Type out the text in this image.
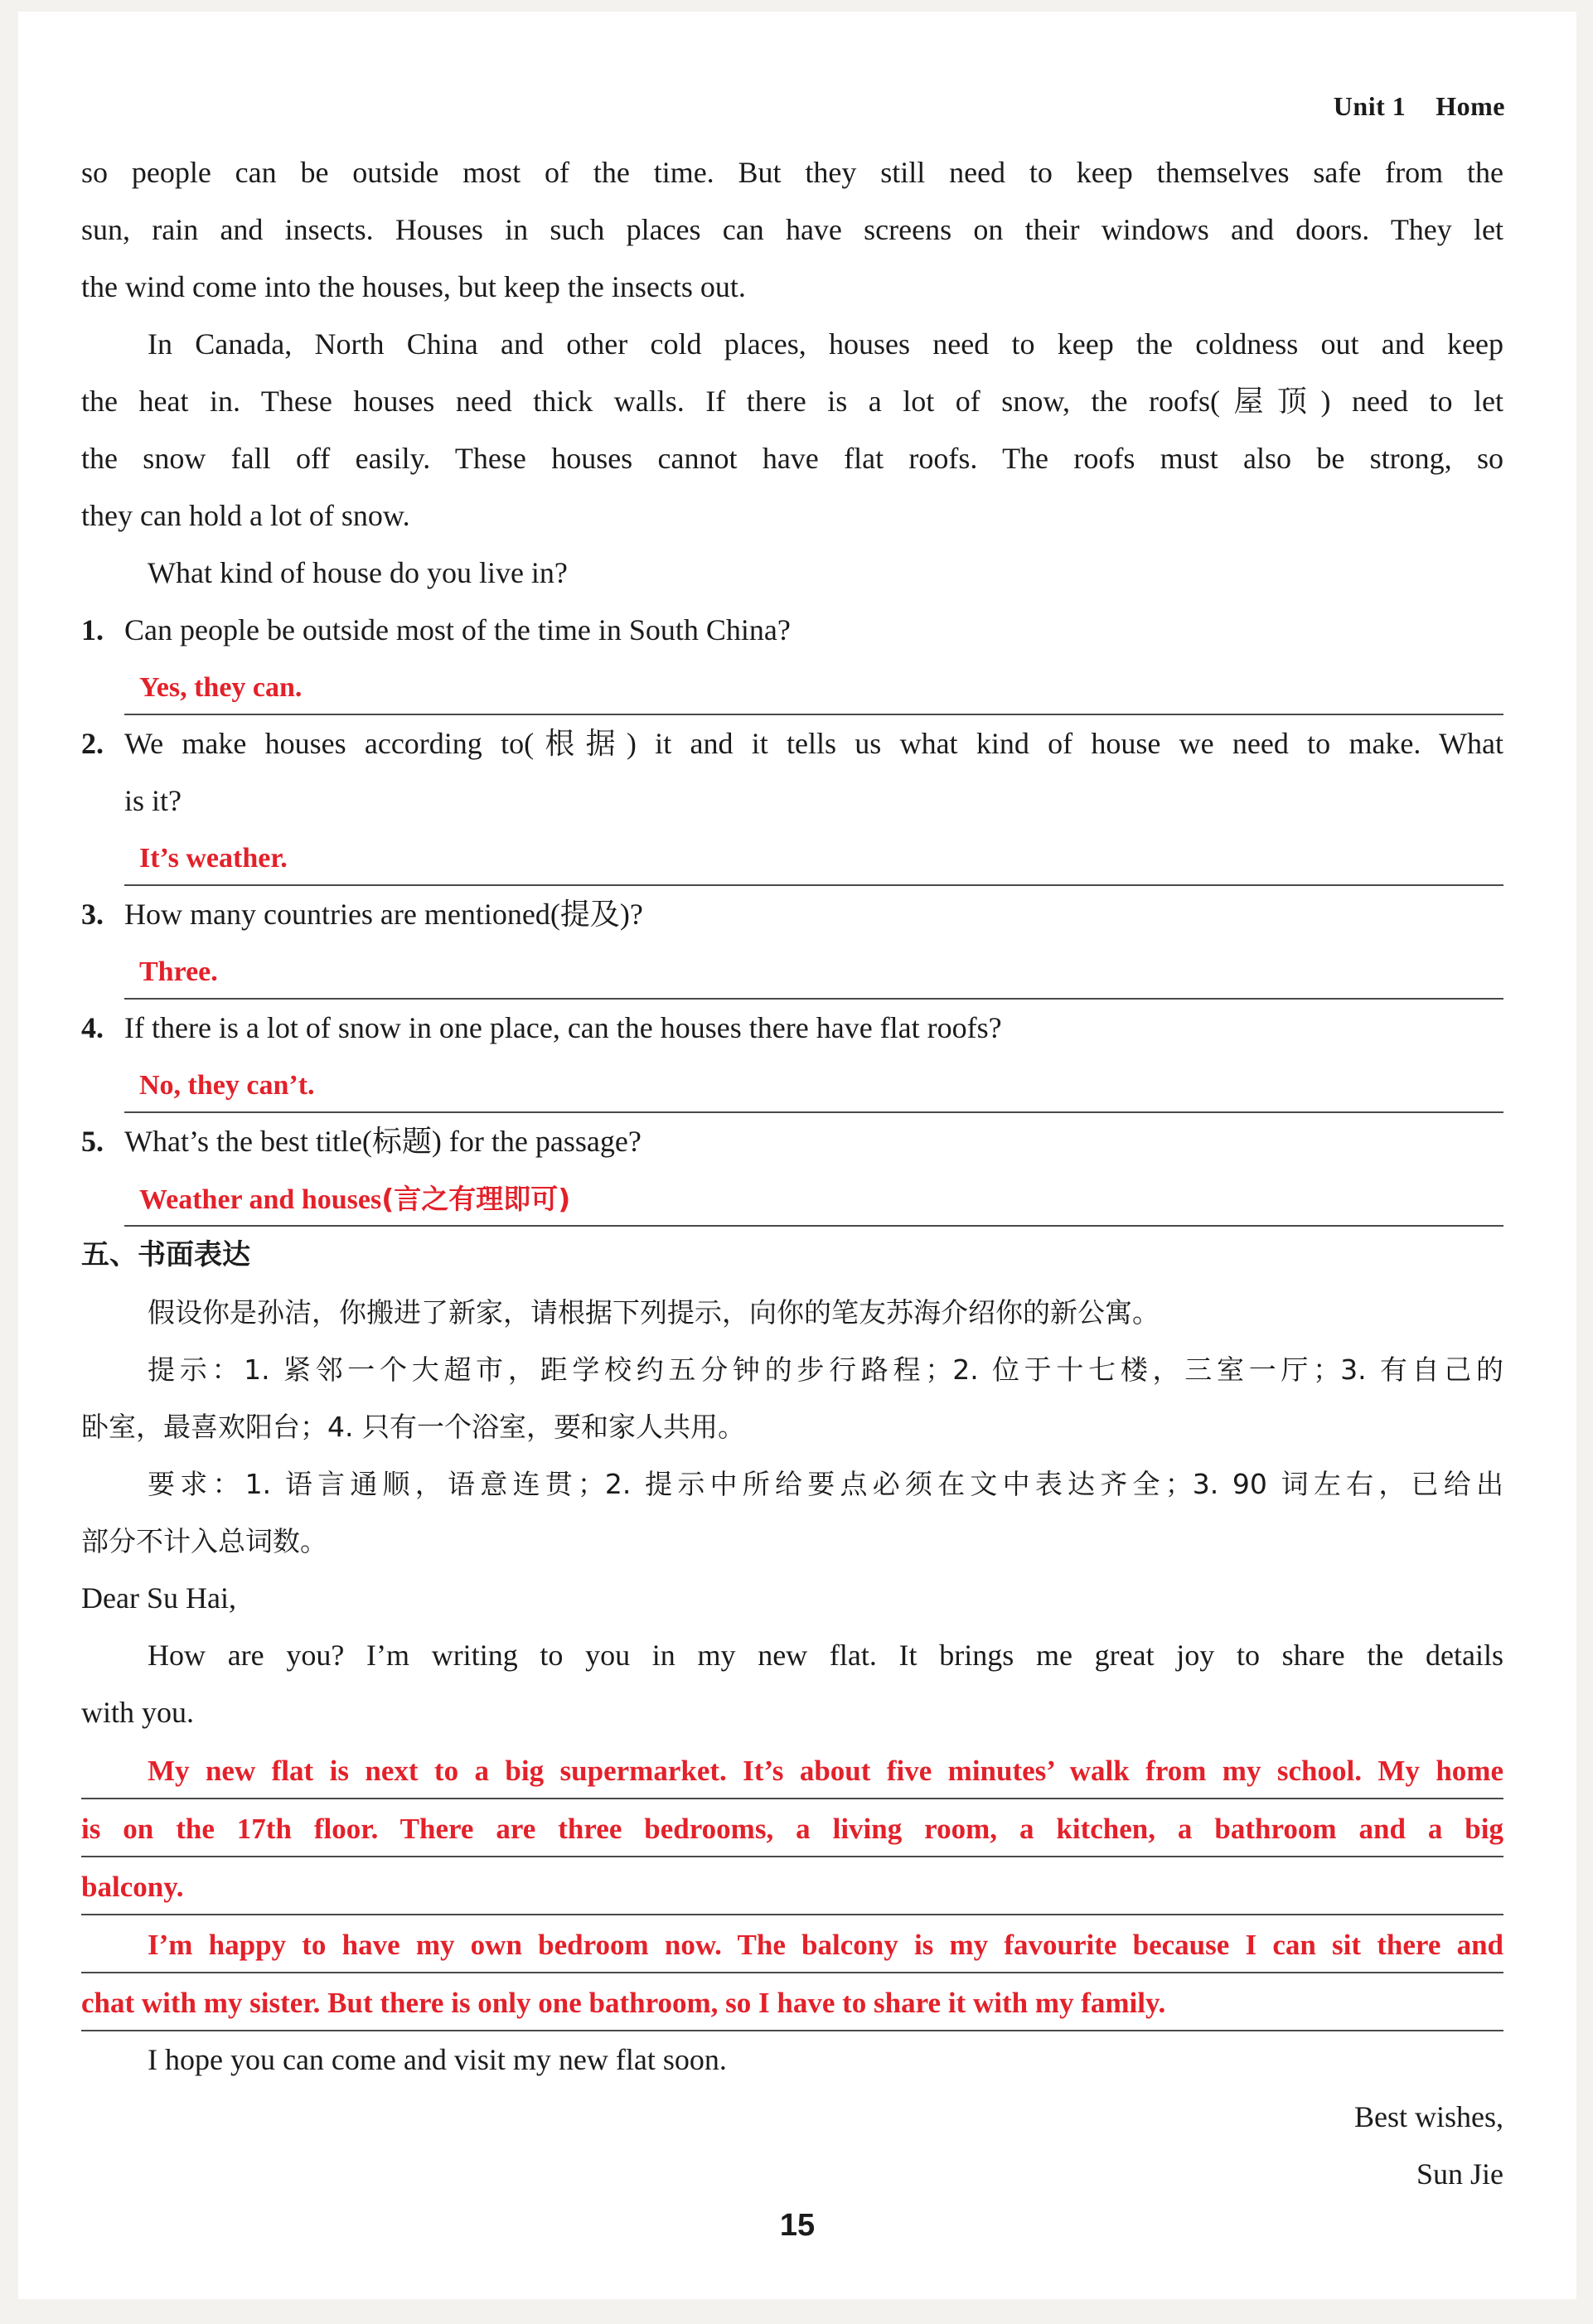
Unit 1 Home
so people can be outside most of the time. But they still need to keep themselves safe from the
sun, rain and insects. Houses in such places can have screens on their windows and doors. They let
the wind come into the houses, but keep the insects out.
In Canada, North China and other cold places, houses need to keep the coldness out and keep
the heat in. These houses need thick walls. If there is a lot of snow, the roofs(屋顶) need to let
the snow fall off easily. These houses cannot have flat roofs. The roofs must also be strong, so
they can hold a lot of snow.
What kind of house do you live in?
1. Can people be outside most of the time in South China?
Yes, they can.
2. We make houses according to(根据) it and it tells us what kind of house we need to make. What
is it?
It’s weather.
3. How many countries are mentioned(提及)?
Three.
4. If there is a lot of snow in one place, can the houses there have flat roofs?
No, they can’t.
5. What’s the best title(标题) for the passage?
Weather and houses(言之有理即可)
五、书面表达
假设你是孙洁，你搬进了新家，请根据下列提示，向你的笔友苏海介绍你的新公寓。
提示：1. 紧邻一个大超市，距学校约五分钟的步行路程；2. 位于十七楼，三室一厅；3. 有自己的
卧室，最喜欢阳台；4. 只有一个浴室，要和家人共用。
要求：1. 语言通顺，语意连贯；2. 提示中所给要点必须在文中表达齐全；3. 90 词左右，已给出
部分不计入总词数。
Dear Su Hai,
How are you? I’m writing to you in my new flat. It brings me great joy to share the details
with you.
My new flat is next to a big supermarket. It’s about five minutes’ walk from my school. My home
is on the 17th floor. There are three bedrooms, a living room, a kitchen, a bathroom and a big
balcony.
I’m happy to have my own bedroom now. The balcony is my favourite because I can sit there and
chat with my sister. But there is only one bathroom, so I have to share it with my family.
I hope you can come and visit my new flat soon.
Best wishes,
Sun Jie
15
